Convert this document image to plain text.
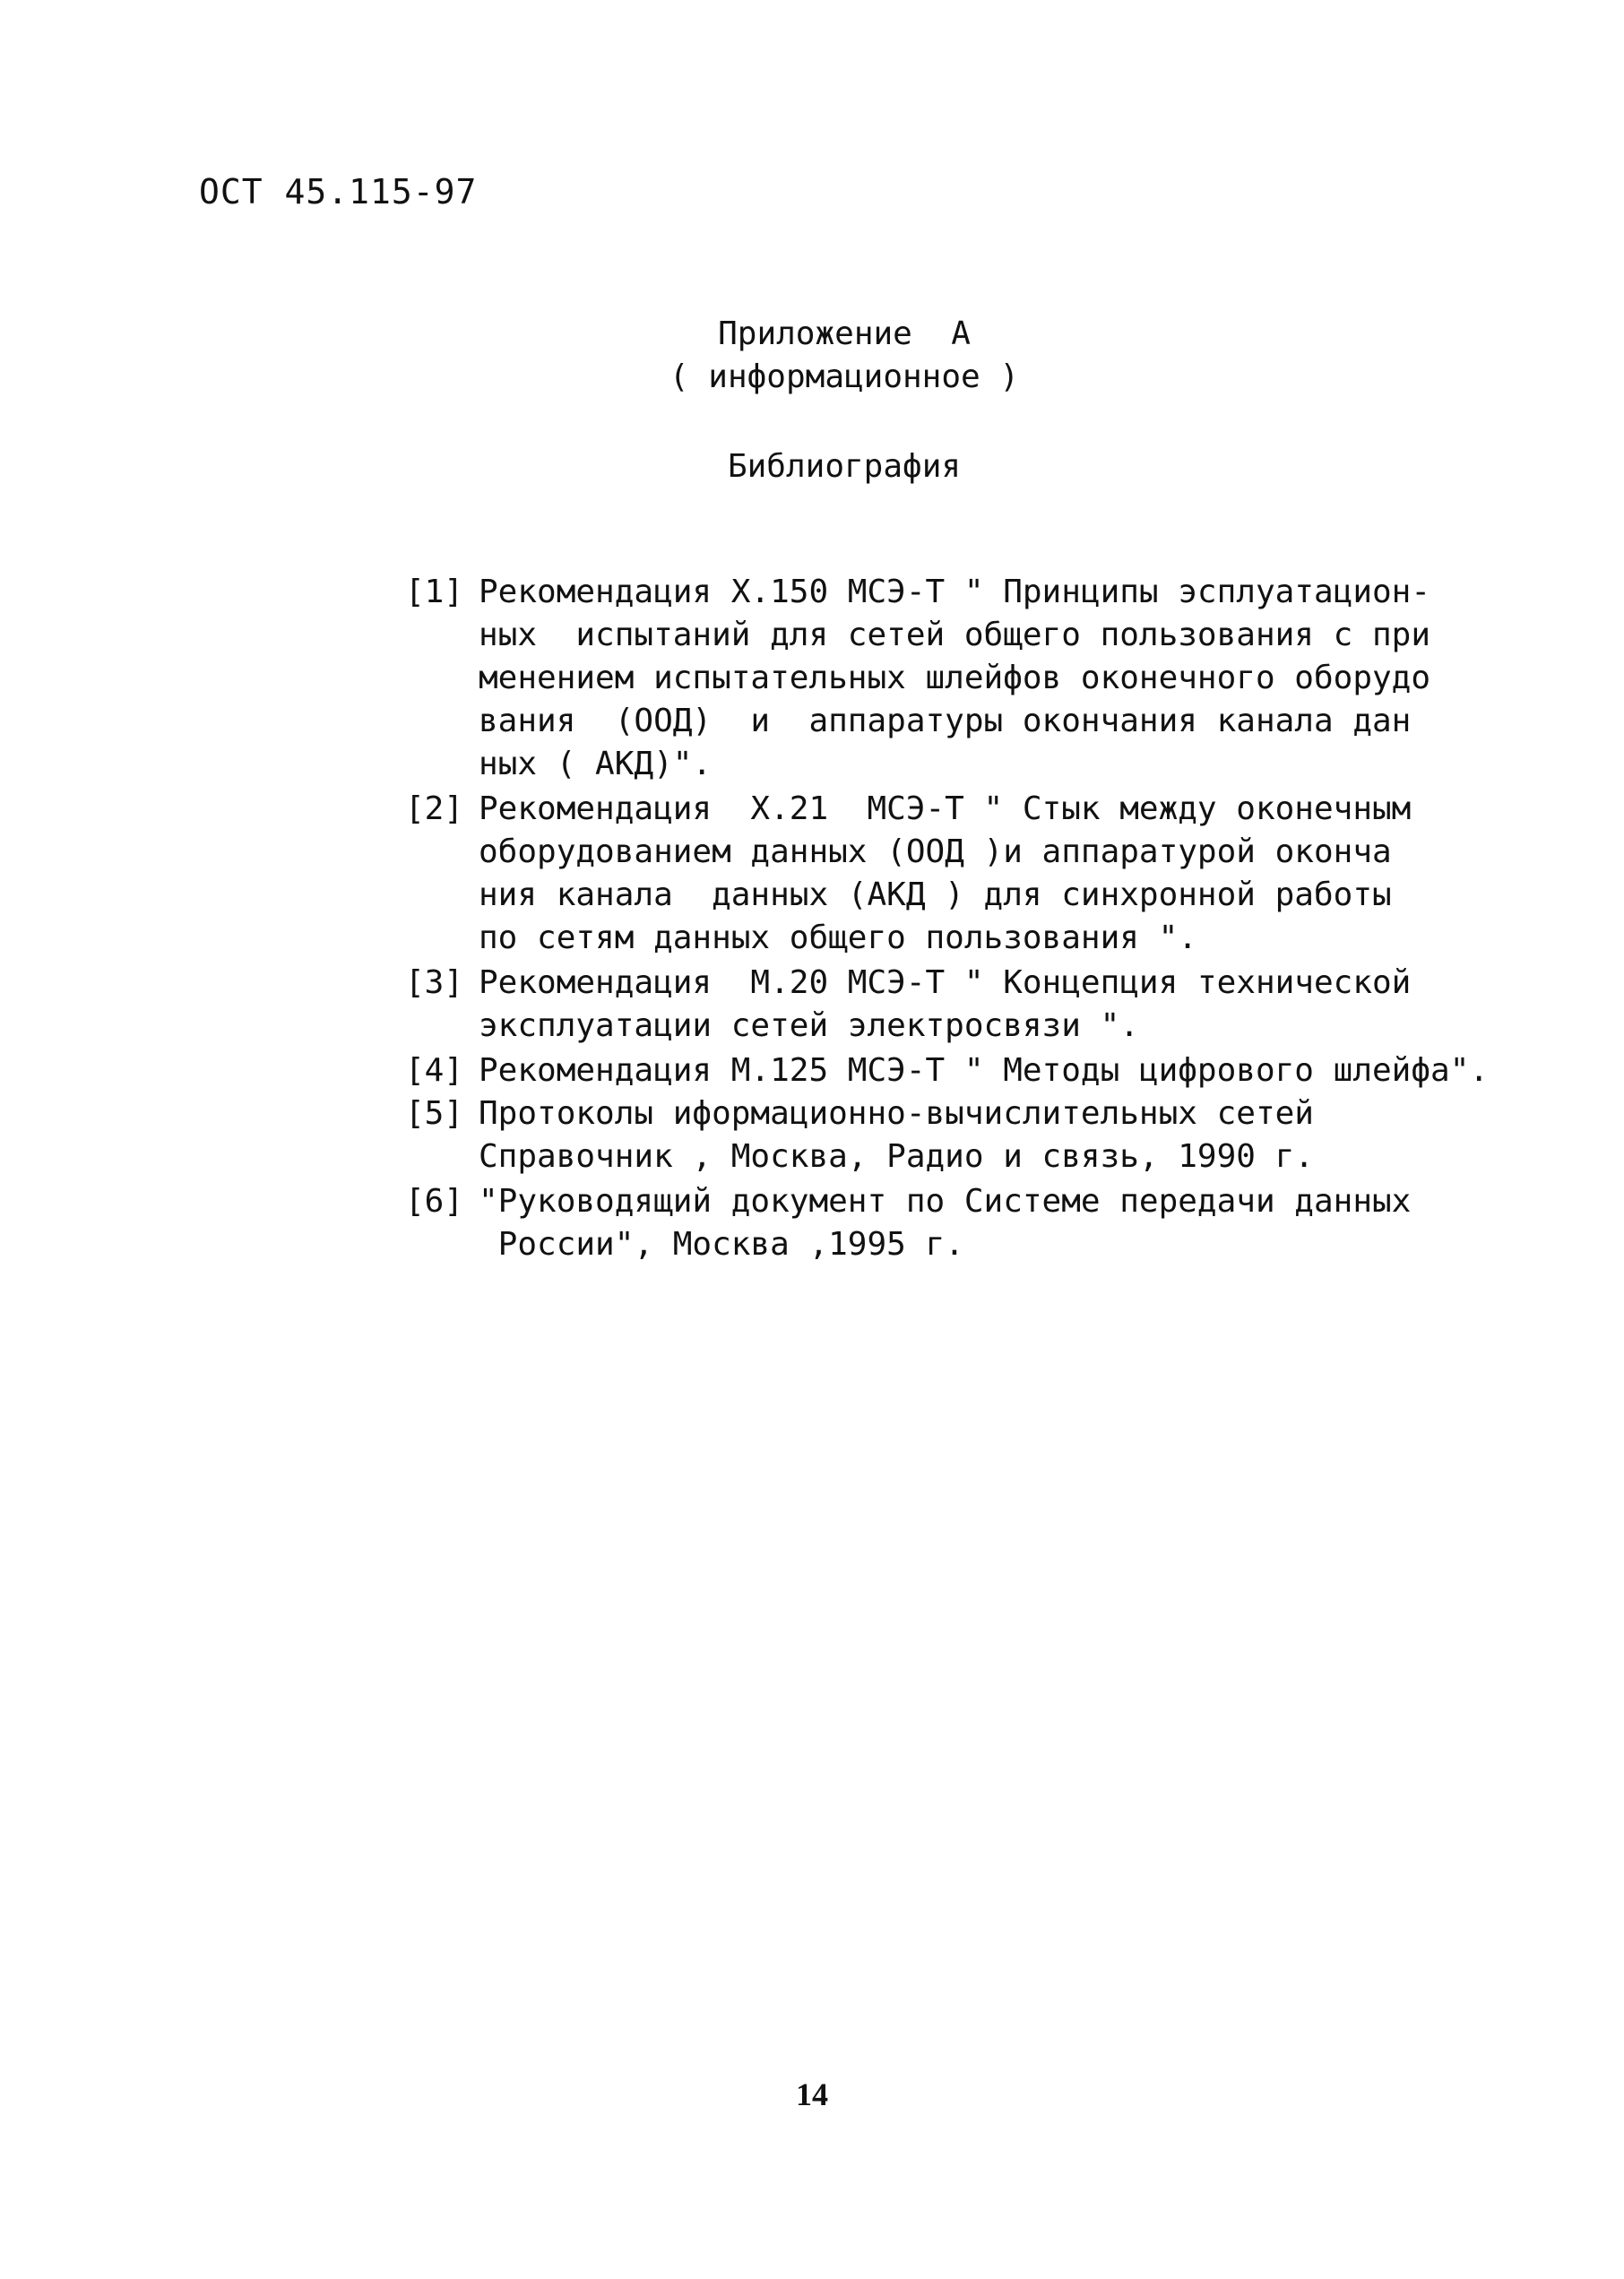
ОСТ 45.115-97
Приложение  А
( информационное )
Библиография
[1] Рекомендация X.150 МСЭ-Т " Принципы эсплуатацион-
ных  испытаний для сетей общего пользования с при
менением испытательных шлейфов оконечного оборудо
вания  (ООД)  и  аппаратуры окончания канала дан
ных ( АКД)".
[2] Рекомендация  X.21  МСЭ-Т " Стык между оконечным
оборудованием данных (ООД )и аппаратурой оконча
ния канала  данных (АКД ) для синхронной работы
по сетям данных общего пользования ".
[3] Рекомендация  М.20 МСЭ-Т " Концепция технической
эксплуатации сетей электросвязи ".
[4] Рекомендация М.125 МСЭ-Т " Методы цифрового шлейфа".
[5] Протоколы иформационно-вычислительных сетей
Справочник , Москва, Радио и связь, 1990 г.
[6] "Руководящий документ по Системе передачи данных
России", Москва ,1995 г.
14
